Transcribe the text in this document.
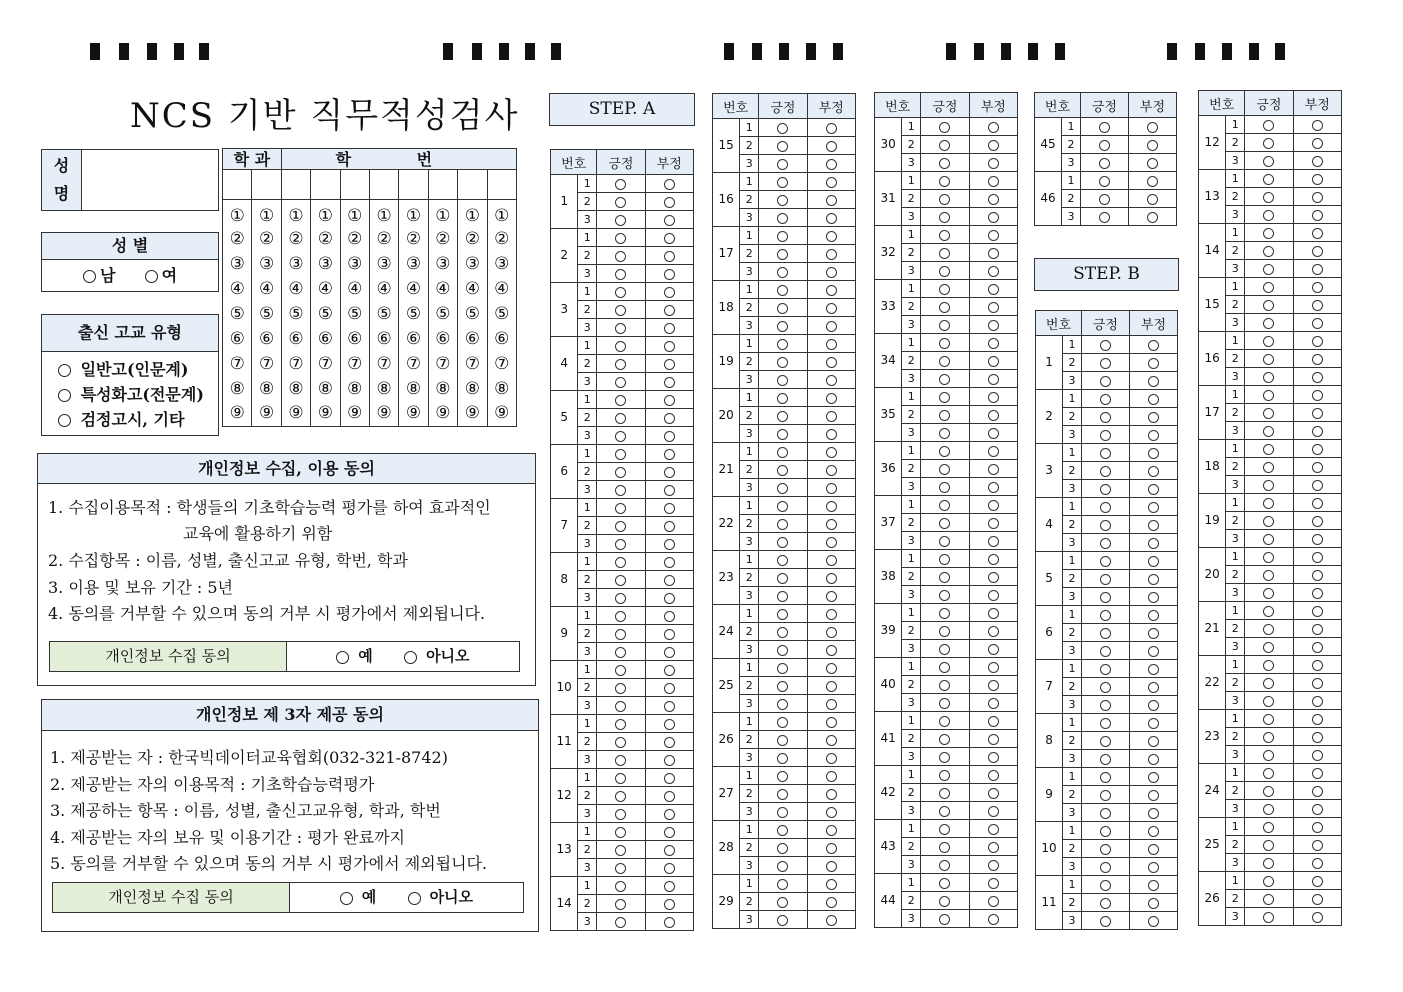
NCS 기반 직무적성검사
성
명
성 별
남	여
출신 고교 유형
일반고(인문계)
특성화고(전문계)
검정고시, 기타
학 과		학 번							

①	①	①	①	①	①	①	①	①	①
②	②	②	②	②	②	②	②	②	②
③	③	③	③	③	③	③	③	③	③
④	④	④	④	④	④	④	④	④	④
⑤	⑤	⑤	⑤	⑤	⑤	⑤	⑤	⑤	⑤
⑥	⑥	⑥	⑥	⑥	⑥	⑥	⑥	⑥	⑥
⑦	⑦	⑦	⑦	⑦	⑦	⑦	⑦	⑦	⑦
⑧	⑧	⑧	⑧	⑧	⑧	⑧	⑧	⑧	⑧
⑨	⑨	⑨	⑨	⑨	⑨	⑨	⑨	⑨	⑨
개인정보 수집, 이용 동의
1. 수집이용목적 : 학생들의 기초학습능력 평가를 하여 효과적인
교육에 활용하기 위함
2. 수집항목 : 이름, 성별, 출신고교 유형, 학번, 학과
3. 이용 및 보유 기간 : 5년
4. 동의를 거부할 수 있으며 동의 거부 시 평가에서 제외됩니다.
개인정보 수집 동의	예	아니오
개인정보 제 3자 제공 동의
1. 제공받는 자 : 한국빅데이터교육협회(032-321-8742)
2. 제공받는 자의 이용목적 : 기초학습능력평가
3. 제공하는 항목 : 이름, 성별, 출신고교유형, 학과, 학번
4. 제공받는 자의 보유 및 이용기간 : 평가 완료까지
5. 동의를 거부할 수 있으며 동의 거부 시 평가에서 제외됩니다.
개인정보 수집 동의	예	아니오
STEP. A
STEP. B
번호		긍정	부정
1	1		
	2		
	3		
2	1		
	2		
	3		
3	1		
	2		
	3		
4	1		
	2		
	3		
5	1		
	2		
	3		
6	1		
	2		
	3		
7	1		
	2		
	3		
8	1		
	2		
	3		
9	1		
	2		
	3		
10	1		
	2		
	3		
11	1		
	2		
	3		
12	1		
	2		
	3		
13	1		
	2		
	3		
14	1		
	2		
	3		
번호		긍정	부정
15	1		
	2		
	3		
16	1		
	2		
	3		
17	1		
	2		
	3		
18	1		
	2		
	3		
19	1		
	2		
	3		
20	1		
	2		
	3		
21	1		
	2		
	3		
22	1		
	2		
	3		
23	1		
	2		
	3		
24	1		
	2		
	3		
25	1		
	2		
	3		
26	1		
	2		
	3		
27	1		
	2		
	3		
28	1		
	2		
	3		
29	1		
	2		
	3		
번호		긍정	부정
30	1		
	2		
	3		
31	1		
	2		
	3		
32	1		
	2		
	3		
33	1		
	2		
	3		
34	1		
	2		
	3		
35	1		
	2		
	3		
36	1		
	2		
	3		
37	1		
	2		
	3		
38	1		
	2		
	3		
39	1		
	2		
	3		
40	1		
	2		
	3		
41	1		
	2		
	3		
42	1		
	2		
	3		
43	1		
	2		
	3		
44	1		
	2		
	3		
번호		긍정	부정
45	1		
	2		
	3		
46	1		
	2		
	3		
번호		긍정	부정
1	1		
	2		
	3		
2	1		
	2		
	3		
3	1		
	2		
	3		
4	1		
	2		
	3		
5	1		
	2		
	3		
6	1		
	2		
	3		
7	1		
	2		
	3		
8	1		
	2		
	3		
9	1		
	2		
	3		
10	1		
	2		
	3		
11	1		
	2		
	3		
번호		긍정	부정
12	1		
	2		
	3		
13	1		
	2		
	3		
14	1		
	2		
	3		
15	1		
	2		
	3		
16	1		
	2		
	3		
17	1		
	2		
	3		
18	1		
	2		
	3		
19	1		
	2		
	3		
20	1		
	2		
	3		
21	1		
	2		
	3		
22	1		
	2		
	3		
23	1		
	2		
	3		
24	1		
	2		
	3		
25	1		
	2		
	3		
26	1		
	2		
	3		
